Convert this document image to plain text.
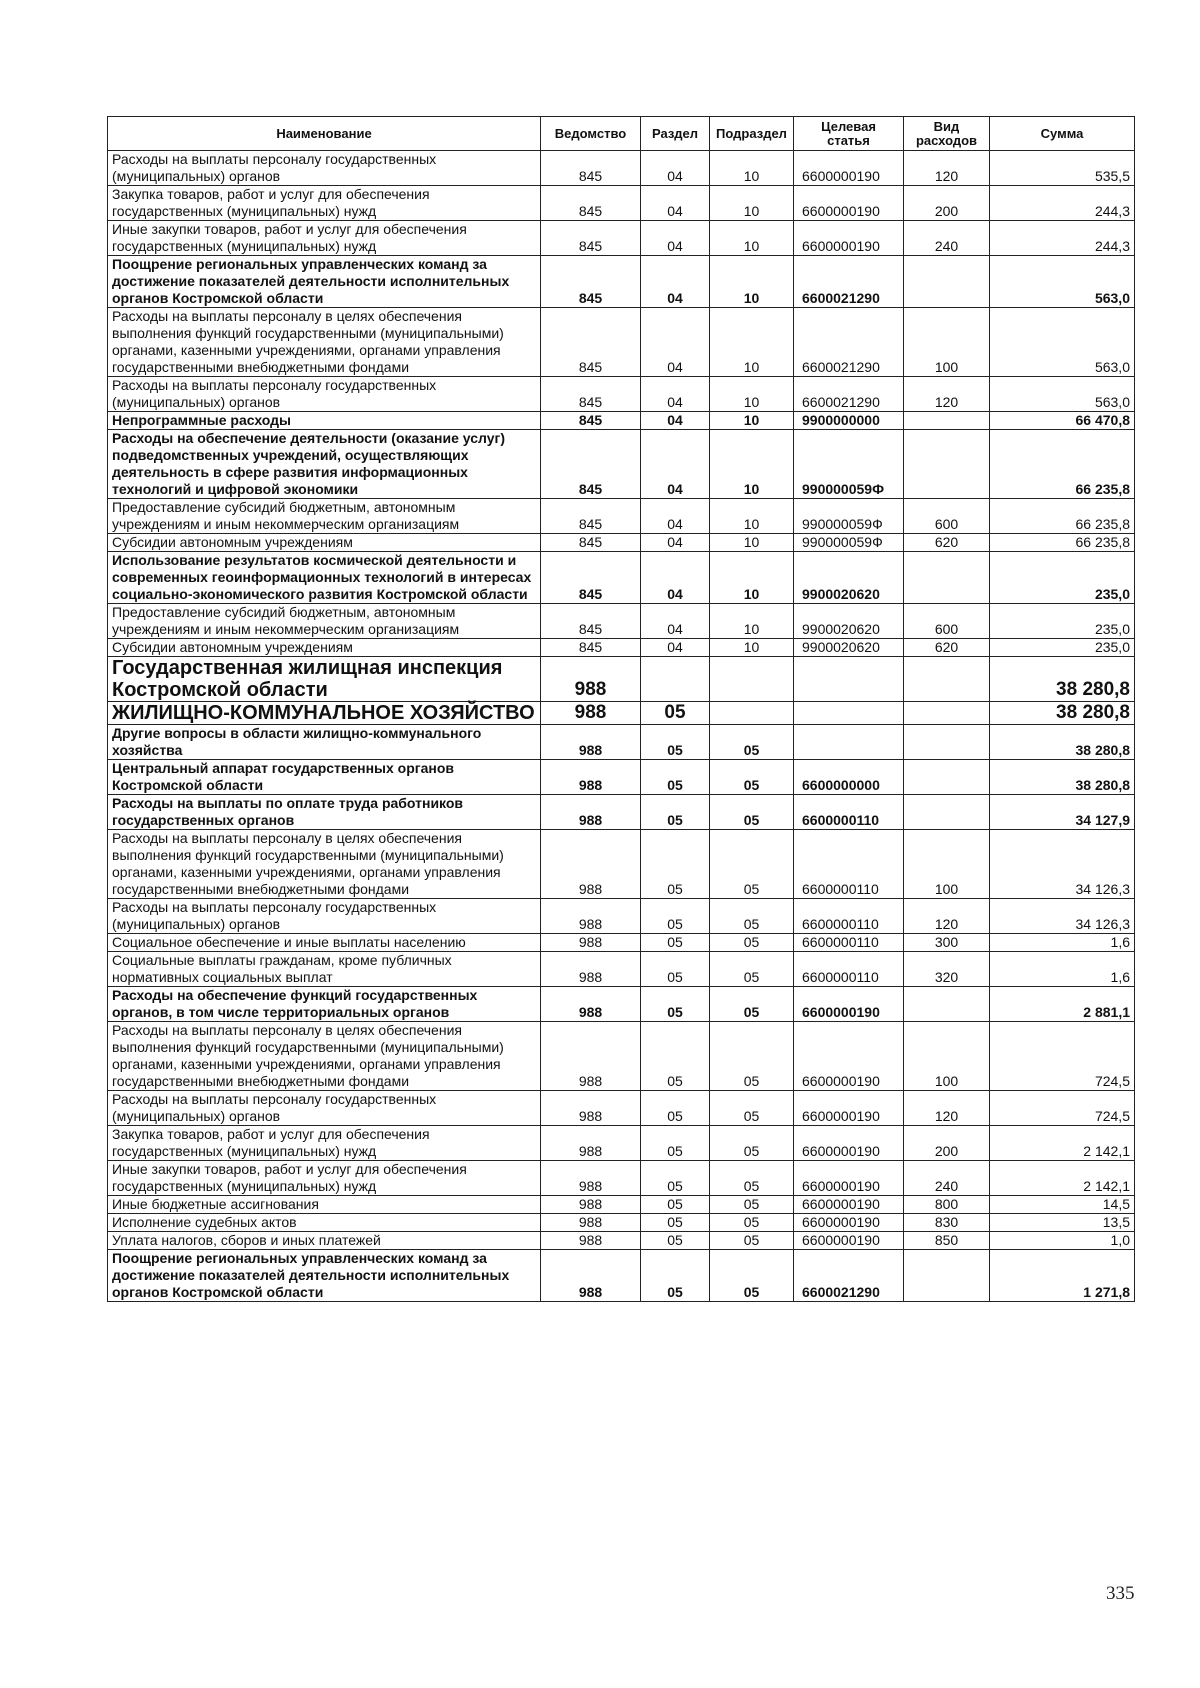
Наименование	Ведомство	Раздел	Подраздел	Целевая статья	Вид расходов	Сумма
Расходы на выплаты персоналу государственных (муниципальных) органов	845	04	10	6600000190	120	535,5
Закупка товаров, работ и услуг для обеспечения государственных (муниципальных) нужд	845	04	10	6600000190	200	244,3
Иные закупки товаров, работ и услуг для обеспечения государственных (муниципальных) нужд	845	04	10	6600000190	240	244,3
Поощрение региональных управленческих команд за достижение показателей деятельности исполнительных органов Костромской области	845	04	10	6600021290		563,0
Расходы на выплаты персоналу в целях обеспечения выполнения функций государственными (муниципальными) органами, казенными учреждениями, органами управления государственными внебюджетными фондами	845	04	10	6600021290	100	563,0
Расходы на выплаты персоналу государственных (муниципальных) органов	845	04	10	6600021290	120	563,0
Непрограммные расходы	845	04	10	9900000000		66 470,8
Расходы на обеспечение деятельности (оказание услуг) подведомственных учреждений, осуществляющих деятельность в сфере развития информационных технологий и цифровой экономики	845	04	10	990000059Ф		66 235,8
Предоставление субсидий бюджетным, автономным учреждениям и иным некоммерческим организациям	845	04	10	990000059Ф	600	66 235,8
Субсидии автономным учреждениям	845	04	10	990000059Ф	620	66 235,8
Использование результатов космической деятельности и современных геоинформационных технологий в интересах социально-экономического развития Костромской области	845	04	10	9900020620		235,0
Предоставление субсидий бюджетным, автономным учреждениям и иным некоммерческим организациям	845	04	10	9900020620	600	235,0
Субсидии автономным учреждениям	845	04	10	9900020620	620	235,0
Государственная жилищная инспекция Костромской области	988					38 280,8
ЖИЛИЩНО-КОММУНАЛЬНОЕ ХОЗЯЙСТВО	988	05				38 280,8
Другие вопросы в области жилищно-коммунального хозяйства	988	05	05			38 280,8
Центральный аппарат государственных органов Костромской области	988	05	05	6600000000		38 280,8
Расходы на выплаты по оплате труда работников государственных органов	988	05	05	6600000110		34 127,9
Расходы на выплаты персоналу в целях обеспечения выполнения функций государственными (муниципальными) органами, казенными учреждениями, органами управления государственными внебюджетными фондами	988	05	05	6600000110	100	34 126,3
Расходы на выплаты персоналу государственных (муниципальных) органов	988	05	05	6600000110	120	34 126,3
Социальное обеспечение и иные выплаты населению	988	05	05	6600000110	300	1,6
Социальные выплаты гражданам, кроме публичных нормативных социальных выплат	988	05	05	6600000110	320	1,6
Расходы на обеспечение функций государственных органов, в том числе территориальных органов	988	05	05	6600000190		2 881,1
Расходы на выплаты персоналу в целях обеспечения выполнения функций государственными (муниципальными) органами, казенными учреждениями, органами управления государственными внебюджетными фондами	988	05	05	6600000190	100	724,5
Расходы на выплаты персоналу государственных (муниципальных) органов	988	05	05	6600000190	120	724,5
Закупка товаров, работ и услуг для обеспечения государственных (муниципальных) нужд	988	05	05	6600000190	200	2 142,1
Иные закупки товаров, работ и услуг для обеспечения государственных (муниципальных) нужд	988	05	05	6600000190	240	2 142,1
Иные бюджетные ассигнования	988	05	05	6600000190	800	14,5
Исполнение судебных актов	988	05	05	6600000190	830	13,5
Уплата налогов, сборов и иных платежей	988	05	05	6600000190	850	1,0
Поощрение региональных управленческих команд за достижение показателей деятельности исполнительных органов Костромской области	988	05	05	6600021290		1 271,8
335
